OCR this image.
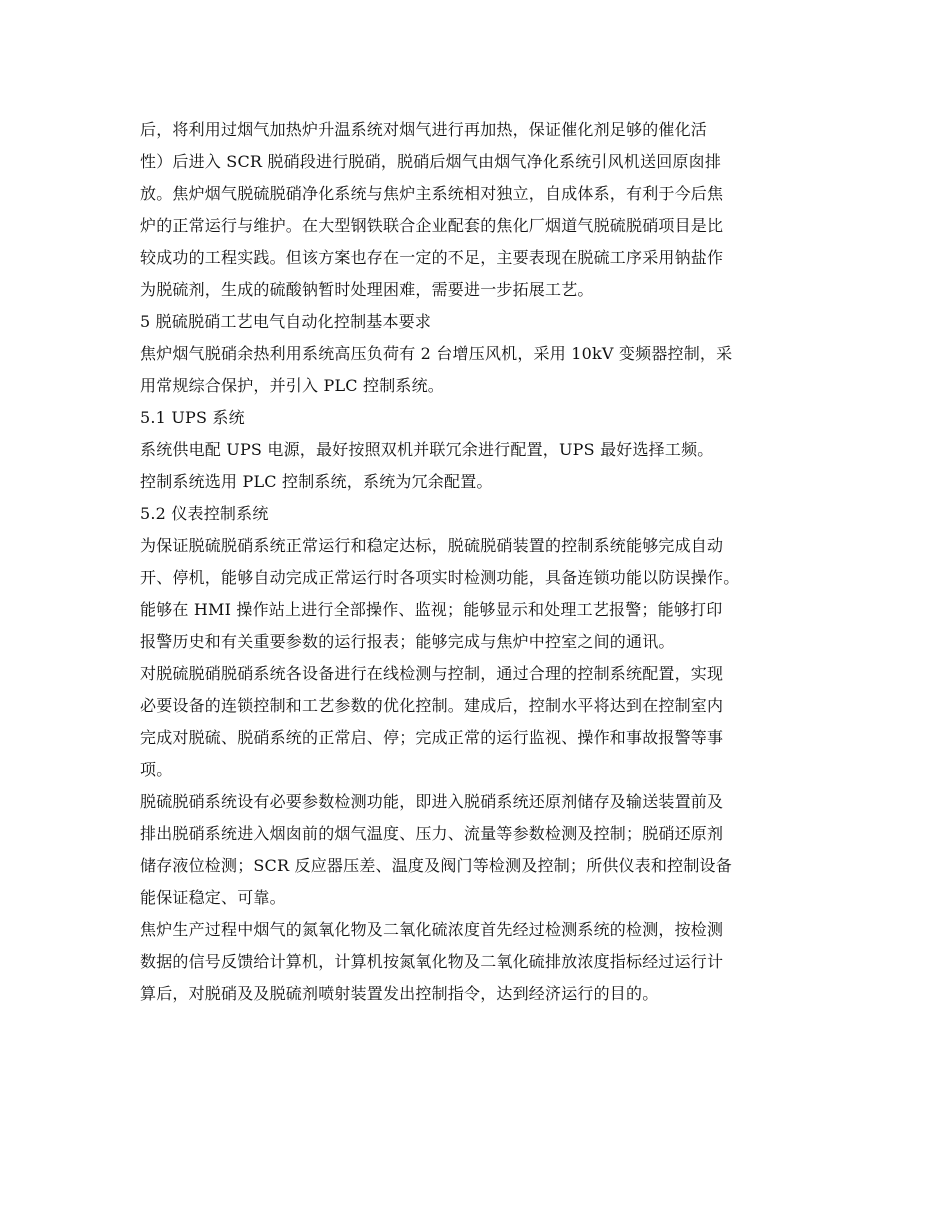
后，将利用过烟气加热炉升温系统对烟气进行再加热，保证催化剂足够的催化活
性）后进入 SCR 脱硝段进行脱硝，脱硝后烟气由烟气净化系统引风机送回原囱排
放。焦炉烟气脱硫脱硝净化系统与焦炉主系统相对独立，自成体系，有利于今后焦
炉的正常运行与维护。在大型钢铁联合企业配套的焦化厂烟道气脱硫脱硝项目是比
较成功的工程实践。但该方案也存在一定的不足，主要表现在脱硫工序采用钠盐作
为脱硫剂，生成的硫酸钠暂时处理困难，需要进一步拓展工艺。
5 脱硫脱硝工艺电气自动化控制基本要求
焦炉烟气脱硝余热利用系统高压负荷有 2 台增压风机，采用 10kV 变频器控制，采
用常规综合保护，并引入 PLC 控制系统。
5.1 UPS 系统
系统供电配 UPS 电源，最好按照双机并联冗余进行配置，UPS 最好选择工频。
控制系统选用 PLC 控制系统，系统为冗余配置。
5.2 仪表控制系统
为保证脱硫脱硝系统正常运行和稳定达标，脱硫脱硝装置的控制系统能够完成自动
开、停机，能够自动完成正常运行时各项实时检测功能，具备连锁功能以防误操作。
能够在 HMI 操作站上进行全部操作、监视；能够显示和处理工艺报警；能够打印
报警历史和有关重要参数的运行报表；能够完成与焦炉中控室之间的通讯。
对脱硫脱硝脱硝系统各设备进行在线检测与控制，通过合理的控制系统配置，实现
必要设备的连锁控制和工艺参数的优化控制。建成后，控制水平将达到在控制室内
完成对脱硫、脱硝系统的正常启、停；完成正常的运行监视、操作和事故报警等事
项。
脱硫脱硝系统设有必要参数检测功能，即进入脱硝系统还原剂储存及输送装置前及
排出脱硝系统进入烟囱前的烟气温度、压力、流量等参数检测及控制；脱硝还原剂
储存液位检测；SCR 反应器压差、温度及阀门等检测及控制；所供仪表和控制设备
能保证稳定、可靠。
焦炉生产过程中烟气的氮氧化物及二氧化硫浓度首先经过检测系统的检测，按检测
数据的信号反馈给计算机，计算机按氮氧化物及二氧化硫排放浓度指标经过运行计
算后，对脱硝及及脱硫剂喷射装置发出控制指令，达到经济运行的目的。
